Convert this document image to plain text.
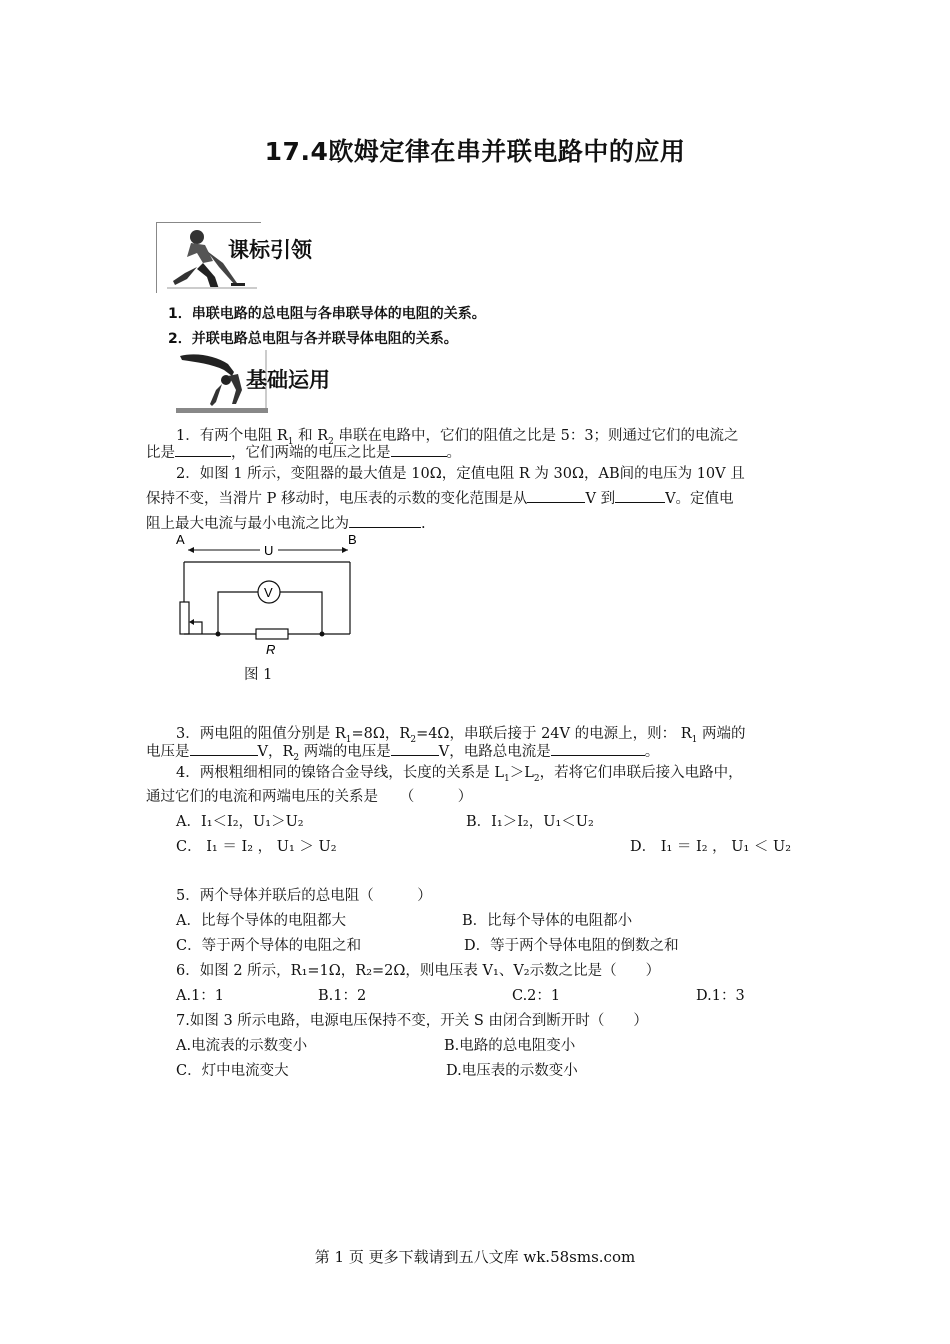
17.4欧姆定律在串并联电路中的应用
课标引领
1．串联电路的总电阻与各串联导体的电阻的关系。
2．并联电路总电阻与各并联导体电阻的关系。
基础运用
1．有两个电阻 $R_1$ 和 $R_2$ 串联在电路中，它们的阻值之比是 5：3；则通过它们的电流之
比是	，它们两端的电压之比是	。
2．如图 1 所示，变阻器的最大值是 10Ω，定值电阻 R 为 30Ω，AB间的电压为 10V 且
保持不变，当滑片 P 移动时，电压表的示数的变化范围是从	V 到	V。定值电
阻上最大电流与最小电流之比为	.
A	B
U
V
R
图 1
3．两电阻的阻值分别是 $R_1=8\Omega$，$R_2=4\Omega$，串联后接于 24V 的电源上，则： $R_1$ 两端的
电压是	V，$R_2$ 两端的电压是	V，电路总电流是	。
4．两根粗细相同的镍铬合金导线，长度的关系是 $L_1>L_2$，若将它们串联后接入电路中，
通过它们的电流和两端电压的关系是　　（　　　）
A．I₁＜I₂，U₁＞U₂	B．I₁＞I₂，U₁＜U₂
C． I₁ ＝ I₂ ， U₁ ＞ U₂	D． I₁ ＝ I₂ ， U₁ ＜ U₂
5．两个导体并联后的总电阻（　　　）
A．比每个导体的电阻都大	B．比每个导体的电阻都小
C．等于两个导体的电阻之和	D．等于两个导体电阻的倒数之和
6．如图 2 所示，R₁=1Ω，R₂=2Ω，则电压表 V₁、V₂示数之比是（　　）
A.1：1	B.1：2	C.2：1	D.1：3
7.如图 3 所示电路，电源电压保持不变，开关 S 由闭合到断开时（　　）
A.电流表的示数变小	B.电路的总电阻变小
C．灯中电流变大	D.电压表的示数变小
第 1 页 更多下载请到五八文库 wk.58sms.com
